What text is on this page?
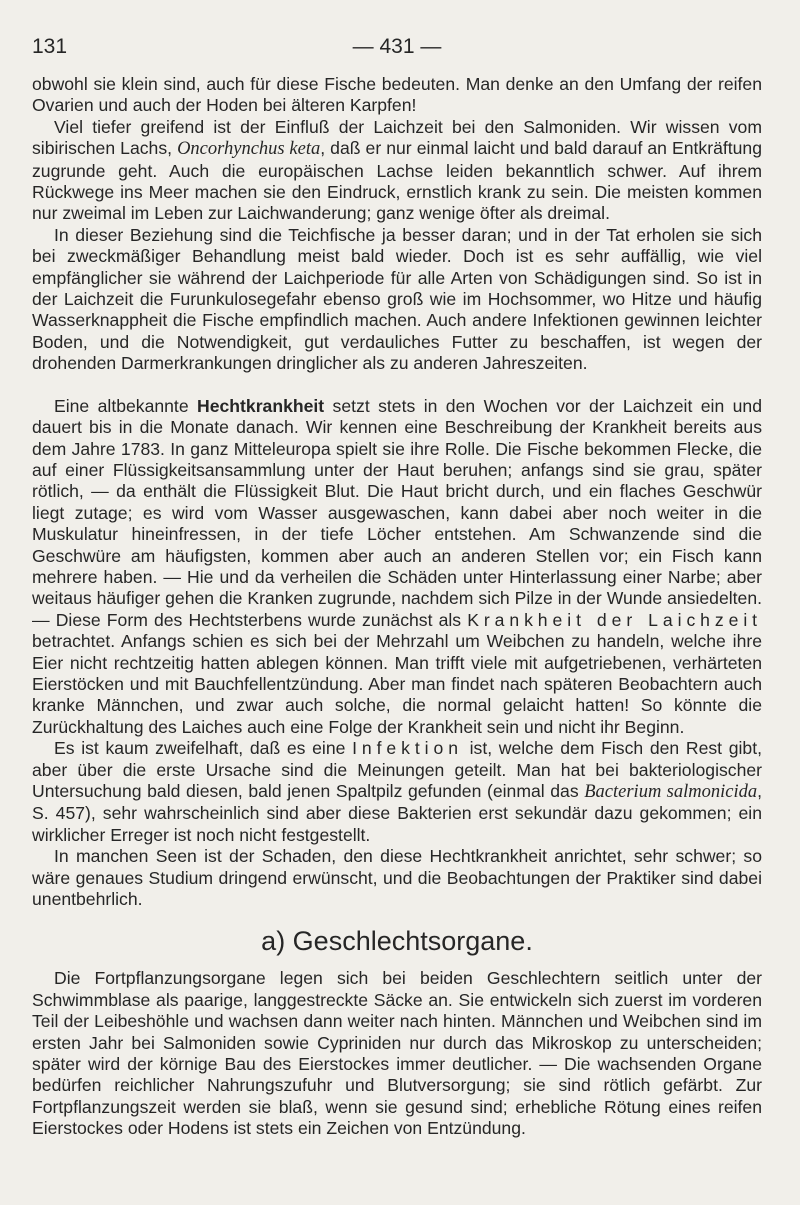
131	— 431 —

obwohl sie klein sind, auch für diese Fische bedeuten. Man denke an den Umfang der reifen Ovarien und auch der Hoden bei älteren Karpfen!

Viel tiefer greifend ist der Einfluß der Laichzeit bei den Salmoniden. Wir wissen vom sibirischen Lachs, Oncorhynchus keta, daß er nur einmal laicht und bald darauf an Entkräftung zugrunde geht. Auch die europäischen Lachse leiden bekanntlich schwer. Auf ihrem Rückwege ins Meer machen sie den Eindruck, ernstlich krank zu sein. Die meisten kommen nur zweimal im Leben zur Laichwanderung; ganz wenige öfter als dreimal.

In dieser Beziehung sind die Teichfische ja besser daran; und in der Tat erholen sie sich bei zweckmäßiger Behandlung meist bald wieder. Doch ist es sehr auffällig, wie viel empfänglicher sie während der Laichperiode für alle Arten von Schädigungen sind. So ist in der Laichzeit die Furunkulosegefahr ebenso groß wie im Hochsommer, wo Hitze und häufig Wasserknappheit die Fische empfindlich machen. Auch andere Infektionen gewinnen leichter Boden, und die Notwendigkeit, gut verdauliches Futter zu beschaffen, ist wegen der drohenden Darmerkrankungen dringlicher als zu anderen Jahreszeiten.

Eine altbekannte Hechtkrankheit setzt stets in den Wochen vor der Laichzeit ein und dauert bis in die Monate danach. Wir kennen eine Beschreibung der Krankheit bereits aus dem Jahre 1783. In ganz Mitteleuropa spielt sie ihre Rolle. Die Fische bekommen Flecke, die auf einer Flüssigkeitsansammlung unter der Haut beruhen; anfangs sind sie grau, später rötlich, — da enthält die Flüssigkeit Blut. Die Haut bricht durch, und ein flaches Geschwür liegt zutage; es wird vom Wasser ausgewaschen, kann dabei aber noch weiter in die Muskulatur hineinfressen, in der tiefe Löcher entstehen. Am Schwanzende sind die Geschwüre am häufigsten, kommen aber auch an anderen Stellen vor; ein Fisch kann mehrere haben. — Hie und da verheilen die Schäden unter Hinterlassung einer Narbe; aber weitaus häufiger gehen die Kranken zugrunde, nachdem sich Pilze in der Wunde ansiedelten. — Diese Form des Hechtsterbens wurde zunächst als Krankheit der Laichzeit betrachtet. Anfangs schien es sich bei der Mehrzahl um Weibchen zu handeln, welche ihre Eier nicht rechtzeitig hatten ablegen können. Man trifft viele mit aufgetriebenen, verhärteten Eierstöcken und mit Bauchfellentzündung. Aber man findet nach späteren Beobachtern auch kranke Männchen, und zwar auch solche, die normal gelaicht hatten! So könnte die Zurückhaltung des Laiches auch eine Folge der Krankheit sein und nicht ihr Beginn.

Es ist kaum zweifelhaft, daß es eine Infektion ist, welche dem Fisch den Rest gibt, aber über die erste Ursache sind die Meinungen geteilt. Man hat bei bakteriologischer Untersuchung bald diesen, bald jenen Spaltpilz gefunden (einmal das Bacterium salmonicida, S. 457), sehr wahrscheinlich sind aber diese Bakterien erst sekundär dazu gekommen; ein wirklicher Erreger ist noch nicht festgestellt.

In manchen Seen ist der Schaden, den diese Hechtkrankheit anrichtet, sehr schwer; so wäre genaues Studium dringend erwünscht, und die Beobachtungen der Praktiker sind dabei unentbehrlich.

a) Geschlechtsorgane.

Die Fortpflanzungsorgane legen sich bei beiden Geschlechtern seitlich unter der Schwimmblase als paarige, langgestreckte Säcke an. Sie entwickeln sich zuerst im vorderen Teil der Leibeshöhle und wachsen dann weiter nach hinten. Männchen und Weibchen sind im ersten Jahr bei Salmoniden sowie Cypriniden nur durch das Mikroskop zu unterscheiden; später wird der körnige Bau des Eierstockes immer deutlicher. — Die wachsenden Organe bedürfen reichlicher Nahrungszufuhr und Blutversorgung; sie sind rötlich gefärbt. Zur Fortpflanzungszeit werden sie blaß, wenn sie gesund sind; erhebliche Rötung eines reifen Eierstockes oder Hodens ist stets ein Zeichen von Entzündung.
